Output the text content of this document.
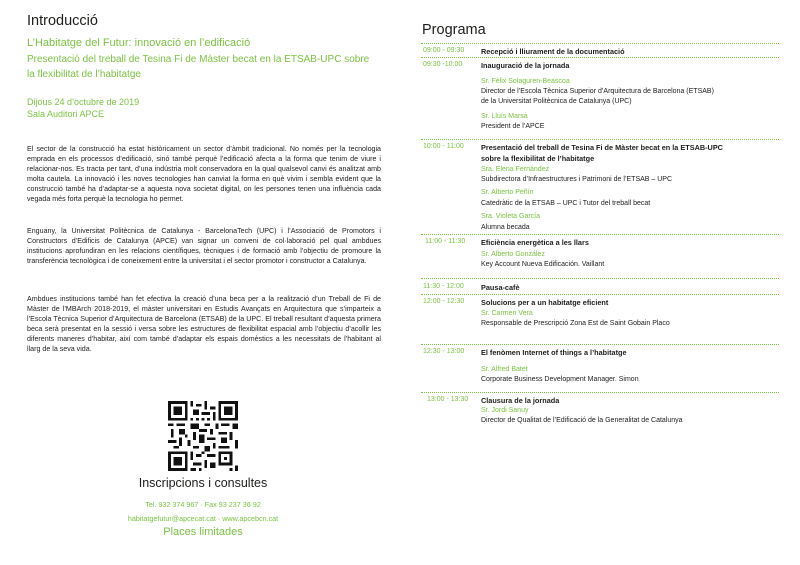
Introducció
L’Habitatge del Futur: innovació en l’edificació
Presentació del treball de Tesina Fi de Màster becat en la ETSAB-UPC sobre la flexibilitat de l’habitatge
Dijous 24 d’octubre de 2019
Sala Auditori APCE

El sector de la construcció ha estat històricament un sector d’àmbit tradicional. No només per la tecnologia emprada en els processos d’edificació, sinó també perquè l’edificació afecta a la forma que tenim de viure i relacionar-nos. Es tracta per tant, d’una indústria molt conservadora en la qual qualsevol canvi és analitzat amb molta cautela. La innovació i les noves tecnologies han canviat la forma en què vivim i sembla evident que la construcció també ha d’adaptar-se a aquesta nova societat digital, on les persones tenen una influència cada vegada més forta perquè la tecnologia ho permet.

Enguany, la Universitat Politècnica de Catalunya - BarcelonaTech (UPC) i l’Associació de Promotors i Constructors d’Edificis de Catalunya (APCE) van signar un conveni de col·laboració pel qual ambdues institucions aprofundiran en les relacions científiques, tècniques i de formació amb l’objectiu de promoure la transferència tecnològica i de coneixement entre la universitat i el sector promotor i constructor a Catalunya.

Ambdues institucions també han fet efectiva la creació d’una beca per a la realització d’un Treball de Fi de Màster de l’MBArch 2018-2019, el màster universitari en Estudis Avançats en Arquitectura que s’imparteix a l’Escola Tècnica Superior d’Arquitectura de Barcelona (ETSAB) de la UPC. El treball resultant d’aquesta primera beca serà presentat en la sessió i versa sobre les estructures de flexibilitat espacial amb l’objectiu d’acollir les diferents maneres d’habitar, així com també d’adaptar els espais domèstics a les necessitats de l’habitant al llarg de la seva vida.

Inscripcions i consultes
Tel. 932 374 967 · Fax 93 237 36 92
habitatgefutur@apcecat.cat · www.apcebcn.cat
Places limitades
Programa
09:00 - 09:30 Recepció i lliurament de la documentació
09:30 -10:00	Inauguració de la jornada
Sr. Fèlix Solaguren-Beascoa
Director de l’Escola Tècnica Superior d’Arquitectura de Barcelona (ETSAB)
de la Universitat Politècnica de Catalunya (UPC)
Sr. Lluís Marsà
President de l’APCE
10:00 - 11:00 Presentació del treball de Tesina Fi de Màster becat en la ETSAB-UPC
sobre la flexibilitat de l’habitatge
Sra. Elena Fernández
Subdirectora d’Infraestructures i Patrimoni de l’ETSAB – UPC
Sr. Alberto Peñín
Catedràtic de la ETSAB – UPC i Tutor del treball becat
Sra. Violeta García
Alumna becada
11:00 - 11:30 Eficiència energètica a les llars
Sr. Alberto González
Key Account Nueva Edificación. Vaillant
11:30 - 12:00 Pausa-cafè
12:00 - 12:30 Solucions per a un habitatge eficient
Sr. Carmen Vera
Responsable de Prescripció Zona Est de Saint Gobain Placo
12:30 - 13:00 El fenòmen Internet of things a l’habitatge
Sr. Alfred Batet
Corporate Business Development Manager. Simon
13:00 - 13:30 Clausura de la jornada
Sr. Jordi Sanuy
Director de Qualitat de l’Edificació de la Generalitat de Catalunya
